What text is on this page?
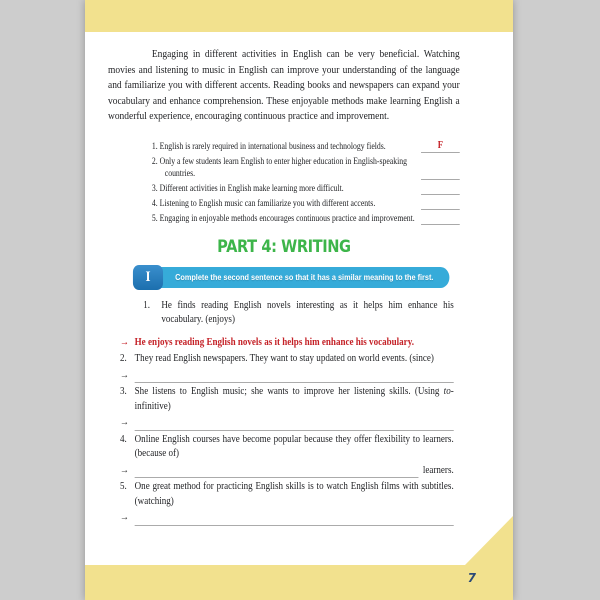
Engaging in different activities in English can be very beneficial. Watching movies and listening to music in English can improve your understanding of the language and familiarize you with different accents. Reading books and newspapers can expand your vocabulary and enhance comprehension. These enjoyable methods make learning English a wonderful experience, encouraging continuous practice and improvement.

1. English is rarely required in international business and technology fields.	F
2. Only a few students learn English to enter higher education in English-speaking countries.
3. Different activities in English make learning more difficult.
4. Listening to English music can familiarize you with different accents.
5. Engaging in enjoyable methods encourages continuous practice and improvement.
PART 4: WRITING
I	Complete the second sentence so that it has a similar meaning to the first.
1.	He finds reading English novels interesting as it helps him enhance his vocabulary. (enjoys)
→ He enjoys reading English novels as it helps him enhance his vocabulary.
2. They read English newspapers. They want to stay updated on world events. (since)
→
3. She listens to English music; she wants to improve her listening skills. (Using to-infinitive)
→
4. Online English courses have become popular because they offer flexibility to learners. (because of)
→	learners.
5. One great method for practicing English skills is to watch English films with subtitles. (watching)
→
7
